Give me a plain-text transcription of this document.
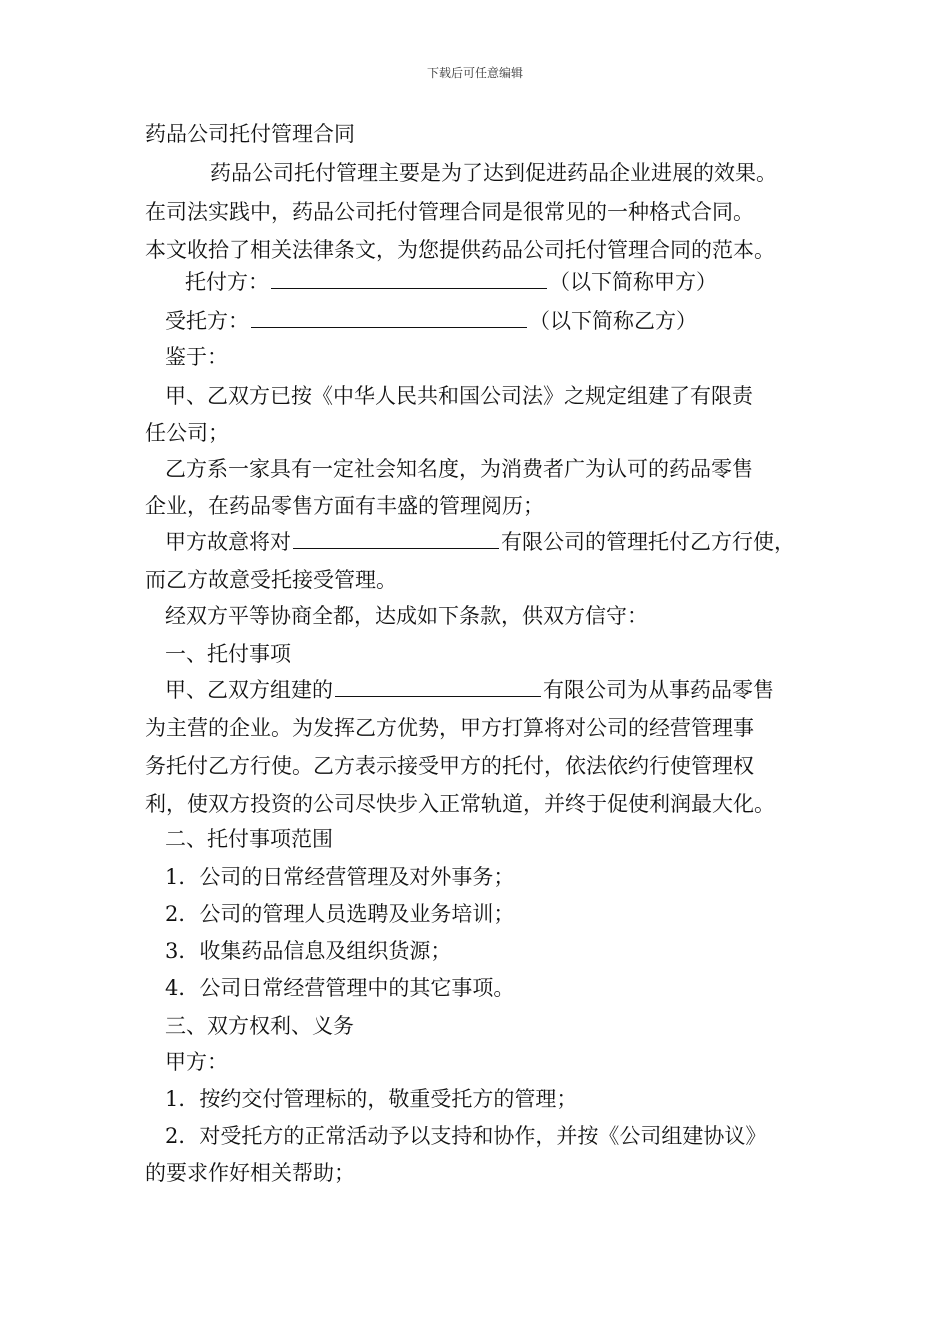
下载后可任意编辑
药品公司托付管理合同
药品公司托付管理主要是为了达到促进药品企业进展的效果。
在司法实践中，药品公司托付管理合同是很常见的一种格式合同。
本文收拾了相关法律条文，为您提供药品公司托付管理合同的范本。
托付方：	（以下简称甲方）
受托方：	（以下简称乙方）
鉴于：
甲、乙双方已按《中华人民共和国公司法》之规定组建了有限责
任公司；
乙方系一家具有一定社会知名度，为消费者广为认可的药品零售
企业，在药品零售方面有丰盛的管理阅历；
甲方故意将对	有限公司的管理托付乙方行使，
而乙方故意受托接受管理。
经双方平等协商全都，达成如下条款，供双方信守：
一、托付事项
甲、乙双方组建的	有限公司为从事药品零售
为主营的企业。为发挥乙方优势，甲方打算将对公司的经营管理事
务托付乙方行使。乙方表示接受甲方的托付，依法依约行使管理权
利，使双方投资的公司尽快步入正常轨道，并终于促使利润最大化。
二、托付事项范围
1．公司的日常经营管理及对外事务；
2．公司的管理人员选聘及业务培训；
3．收集药品信息及组织货源；
4．公司日常经营管理中的其它事项。
三、双方权利、义务
甲方：
1．按约交付管理标的，敬重受托方的管理；
2．对受托方的正常活动予以支持和协作，并按《公司组建协议》
的要求作好相关帮助；
